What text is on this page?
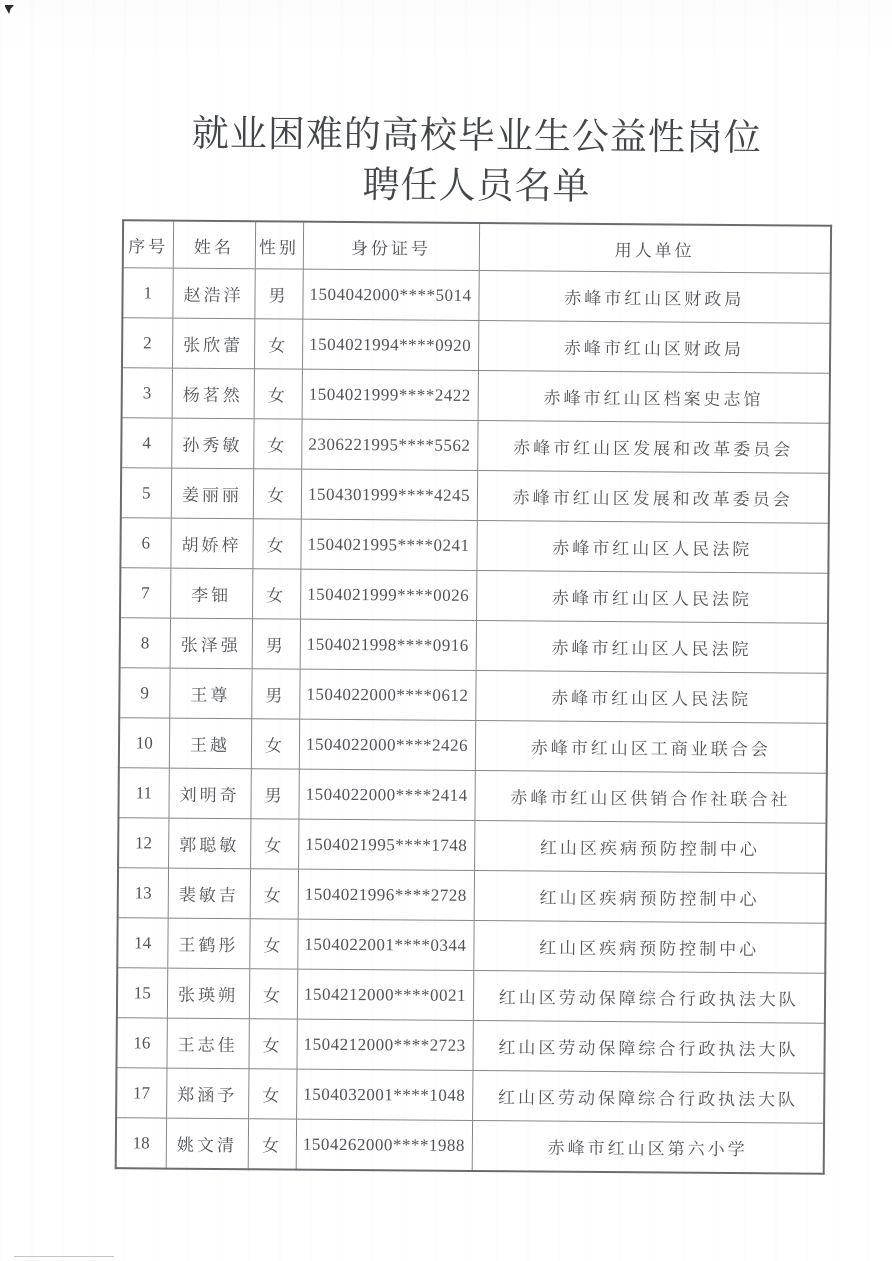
就业困难的高校毕业生公益性岗位
聘任人员名单
序号	姓名	性别	身份证号	用人单位
1	赵浩洋	男	1504042000****5014	赤峰市红山区财政局
2	张欣蕾	女	1504021994****0920	赤峰市红山区财政局
3	杨茗然	女	1504021999****2422	赤峰市红山区档案史志馆
4	孙秀敏	女	2306221995****5562	赤峰市红山区发展和改革委员会
5	姜丽丽	女	1504301999****4245	赤峰市红山区发展和改革委员会
6	胡娇梓	女	1504021995****0241	赤峰市红山区人民法院
7	李钿	女	1504021999****0026	赤峰市红山区人民法院
8	张泽强	男	1504021998****0916	赤峰市红山区人民法院
9	王尊	男	1504022000****0612	赤峰市红山区人民法院
10	王越	女	1504022000****2426	赤峰市红山区工商业联合会
11	刘明奇	男	1504022000****2414	赤峰市红山区供销合作社联合社
12	郭聪敏	女	1504021995****1748	红山区疾病预防控制中心
13	裴敏吉	女	1504021996****2728	红山区疾病预防控制中心
14	王鹤彤	女	1504022001****0344	红山区疾病预防控制中心
15	张瑛朔	女	1504212000****0021	红山区劳动保障综合行政执法大队
16	王志佳	女	1504212000****2723	红山区劳动保障综合行政执法大队
17	郑涵予	女	1504032001****1048	红山区劳动保障综合行政执法大队
18	姚文清	女	1504262000****1988	赤峰市红山区第六小学
